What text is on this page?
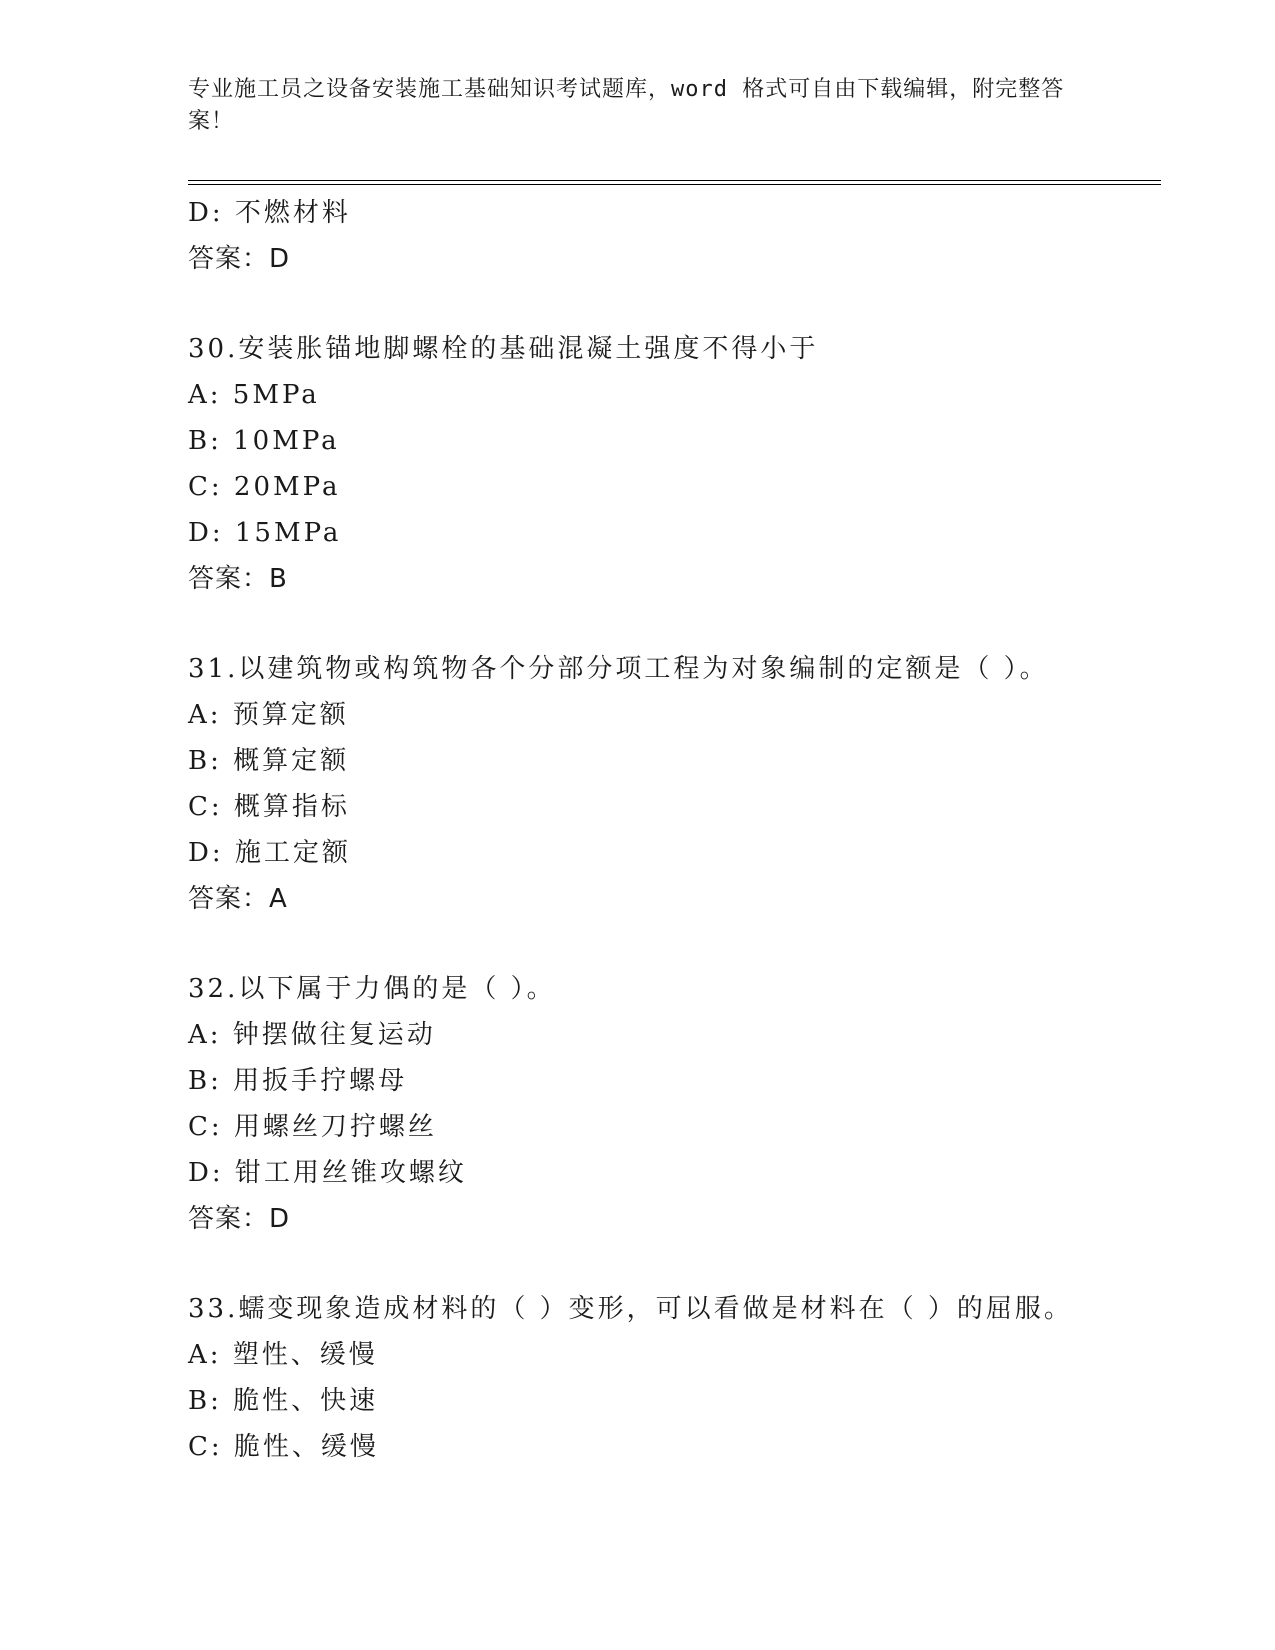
专业施工员之设备安装施工基础知识考试题库，word 格式可自由下载编辑，附完整答案！
D: 不燃材料
答案：D
30.安装胀锚地脚螺栓的基础混凝土强度不得小于
A: 5MPa
B: 10MPa
C: 20MPa
D: 15MPa
答案：B
31.以建筑物或构筑物各个分部分项工程为对象编制的定额是（ ）。
A: 预算定额
B: 概算定额
C: 概算指标
D: 施工定额
答案：A
32.以下属于力偶的是（ ）。
A: 钟摆做往复运动
B: 用扳手拧螺母
C: 用螺丝刀拧螺丝
D: 钳工用丝锥攻螺纹
答案：D
33.蠕变现象造成材料的（ ）变形，可以看做是材料在（ ）的屈服。
A: 塑性、缓慢
B: 脆性、快速
C: 脆性、缓慢
